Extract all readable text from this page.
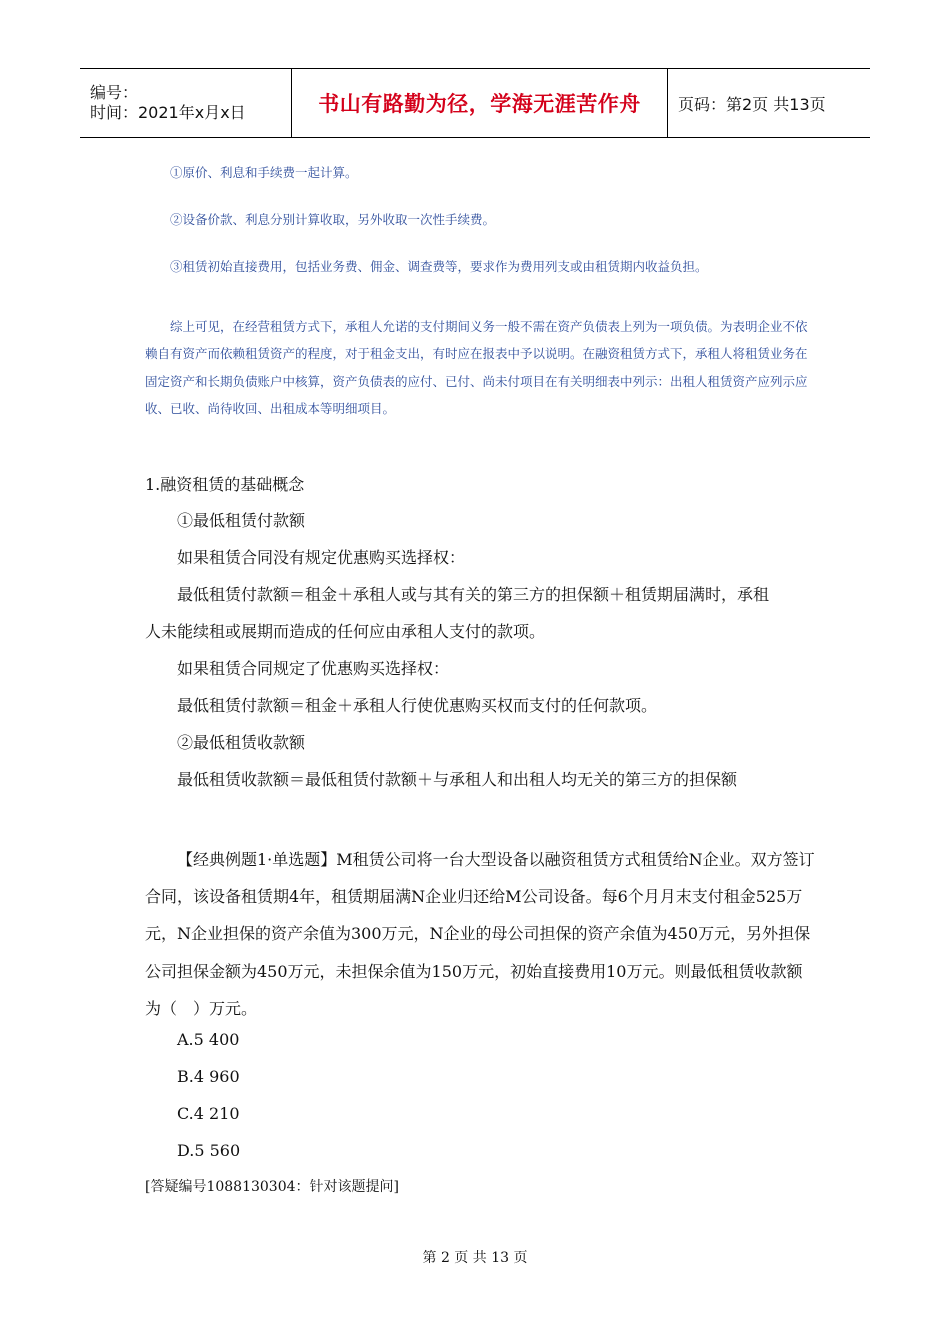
编号：
时间：2021年x月x日	书山有路勤为径，学海无涯苦作舟 页码：第2页 共13页

①原价、利息和手续费一起计算。

②设备价款、利息分别计算收取，另外收取一次性手续费。

③租赁初始直接费用，包括业务费、佣金、调查费等，要求作为费用列支或由租赁期内收益负担。

综上可见，在经营租赁方式下，承租人允诺的支付期间义务一般不需在资产负债表上列为一项负债。为表明企业不依赖自有资产而依赖租赁资产的程度，对于租金支出，有时应在报表中予以说明。在融资租赁方式下，承租人将租赁业务在固定资产和长期负债账户中核算，资产负债表的应付、已付、尚未付项目在有关明细表中列示：出租人租赁资产应列示应收、已收、尚待收回、出租成本等明细项目。

1.融资租赁的基础概念

①最低租赁付款额

如果租赁合同没有规定优惠购买选择权：

最低租赁付款额＝租金＋承租人或与其有关的第三方的担保额＋租赁期届满时，承租

人未能续租或展期而造成的任何应由承租人支付的款项。

如果租赁合同规定了优惠购买选择权：

最低租赁付款额＝租金＋承租人行使优惠购买权而支付的任何款项。

②最低租赁收款额

最低租赁收款额＝最低租赁付款额＋与承租人和出租人均无关的第三方的担保额

【经典例题1·单选题】M租赁公司将一台大型设备以融资租赁方式租赁给N企业。双方签订合同，该设备租赁期4年，租赁期届满N企业归还给M公司设备。每6个月月末支付租金525万元，N企业担保的资产余值为300万元，N企业的母公司担保的资产余值为450万元，另外担保公司担保金额为450万元，未担保余值为150万元，初始直接费用10万元。则最低租赁收款额为（　）万元。

A.5 400

B.4 960

C.4 210

D.5 560

[答疑编号1088130304：针对该题提问]

第 2 页 共 13 页
